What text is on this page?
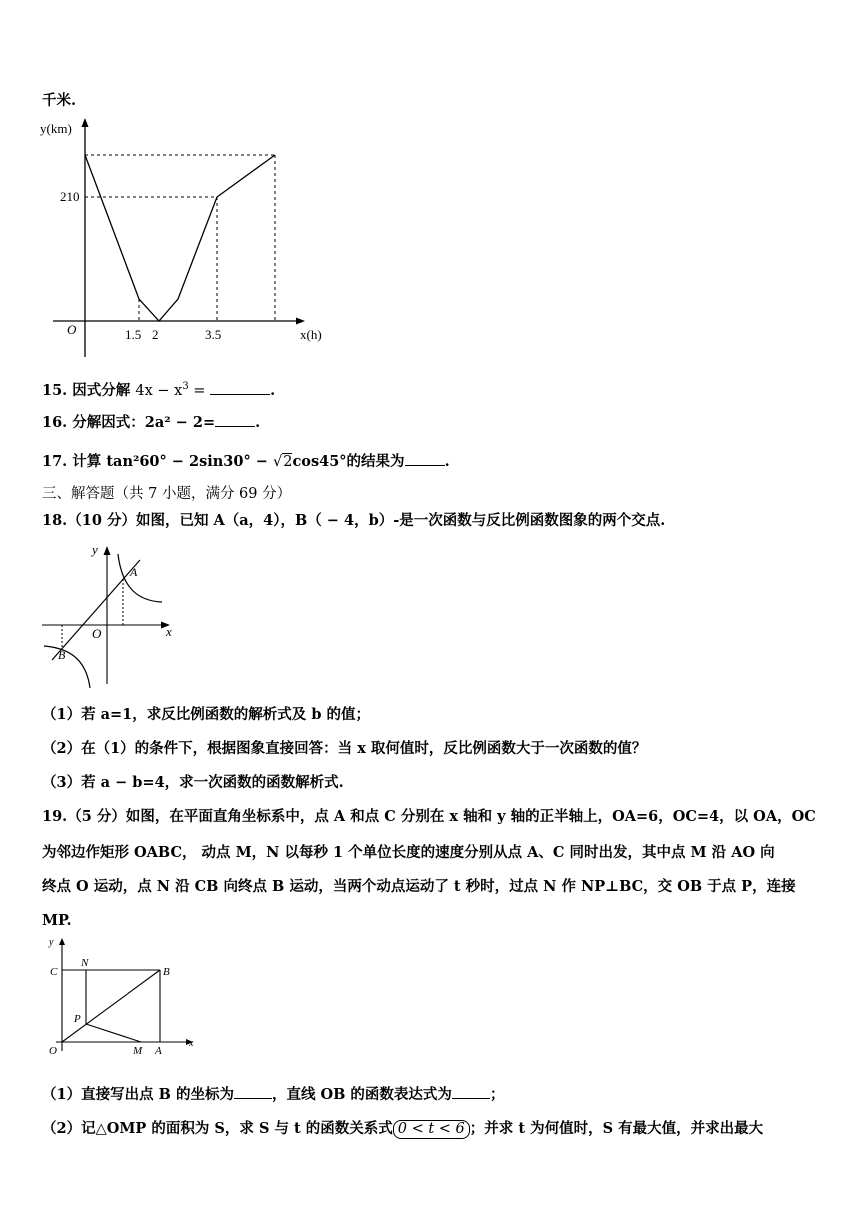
千米.
y(km)
210
O	1.5 2	3.5	x(h)
15. 因式分解 $4x - x^3$ =	.
16. 分解因式：2a² − 2=	.
17. 计算 tan²60° − 2sin30° − √2cos45°的结果为	.
三、解答题（共 7 小题，满分 69 分）
18.（10 分）如图，已知 A（a，4），B（ − 4，b）-是一次函数与反比例函数图象的两个交点.
y
x
O
A
B
（1）若 a=1，求反比例函数的解析式及 b 的值；
（2）在（1）的条件下，根据图象直接回答：当 x 取何值时，反比例函数大于一次函数的值？
（3）若 a − b=4，求一次函数的函数解析式.
19.（5 分）如图，在平面直角坐标系中，点 A 和点 C 分别在 x 轴和 y 轴的正半轴上，OA=6，OC=4，以 OA，OC
为邻边作矩形 OABC， 动点 M，N 以每秒 1 个单位长度的速度分别从点 A、C 同时出发，其中点 M 沿 AO 向
终点 O 运动，点 N 沿 CB 向终点 B 运动，当两个动点运动了 t 秒时，过点 N 作 NP⊥BC，交 OB 于点 P，连接
MP.
y
x
C
N
B
P
O	M A
（1）直接写出点 B 的坐标为	，直线 OB 的函数表达式为	；
（2）记△OMP 的面积为 S，求 S 与 t 的函数关系式 0 < t < 6 ；并求 t 为何值时，S 有最大值，并求出最大
